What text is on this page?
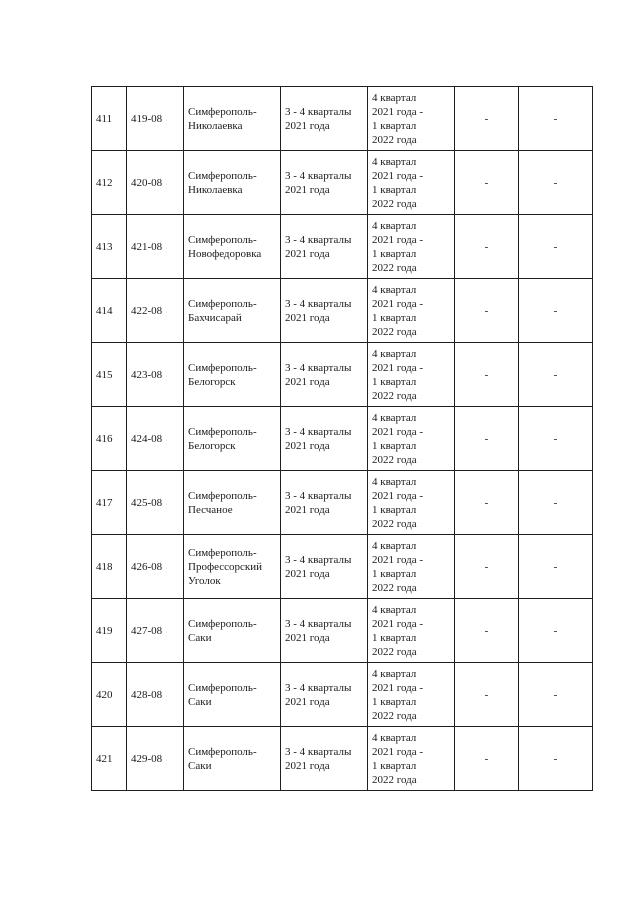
411	419-08	Симферополь-
Николаевка	3 - 4 кварталы
2021 года	4 квартал
2021 года -
1 квартал
2022 года	-	-
412	420-08	Симферополь-
Николаевка	3 - 4 кварталы
2021 года	4 квартал
2021 года -
1 квартал
2022 года	-	-
413	421-08	Симферополь-
Новофедоровка	3 - 4 кварталы
2021 года	4 квартал
2021 года -
1 квартал
2022 года	-	-
414	422-08	Симферополь-
Бахчисарай	3 - 4 кварталы
2021 года	4 квартал
2021 года -
1 квартал
2022 года	-	-
415	423-08	Симферополь-
Белогорск	3 - 4 кварталы
2021 года	4 квартал
2021 года -
1 квартал
2022 года	-	-
416	424-08	Симферополь-
Белогорск	3 - 4 кварталы
2021 года	4 квартал
2021 года -
1 квартал
2022 года	-	-
417	425-08	Симферополь-
Песчаное	3 - 4 кварталы
2021 года	4 квартал
2021 года -
1 квартал
2022 года	-	-
418	426-08	Симферополь-
Профессорский
Уголок	3 - 4 кварталы
2021 года	4 квартал
2021 года -
1 квартал
2022 года	-	-
419	427-08	Симферополь-
Саки	3 - 4 кварталы
2021 года	4 квартал
2021 года -
1 квартал
2022 года	-	-
420	428-08	Симферополь-
Саки	3 - 4 кварталы
2021 года	4 квартал
2021 года -
1 квартал
2022 года	-	-
421	429-08	Симферополь-
Саки	3 - 4 кварталы
2021 года	4 квартал
2021 года -
1 квартал
2022 года	-	-
